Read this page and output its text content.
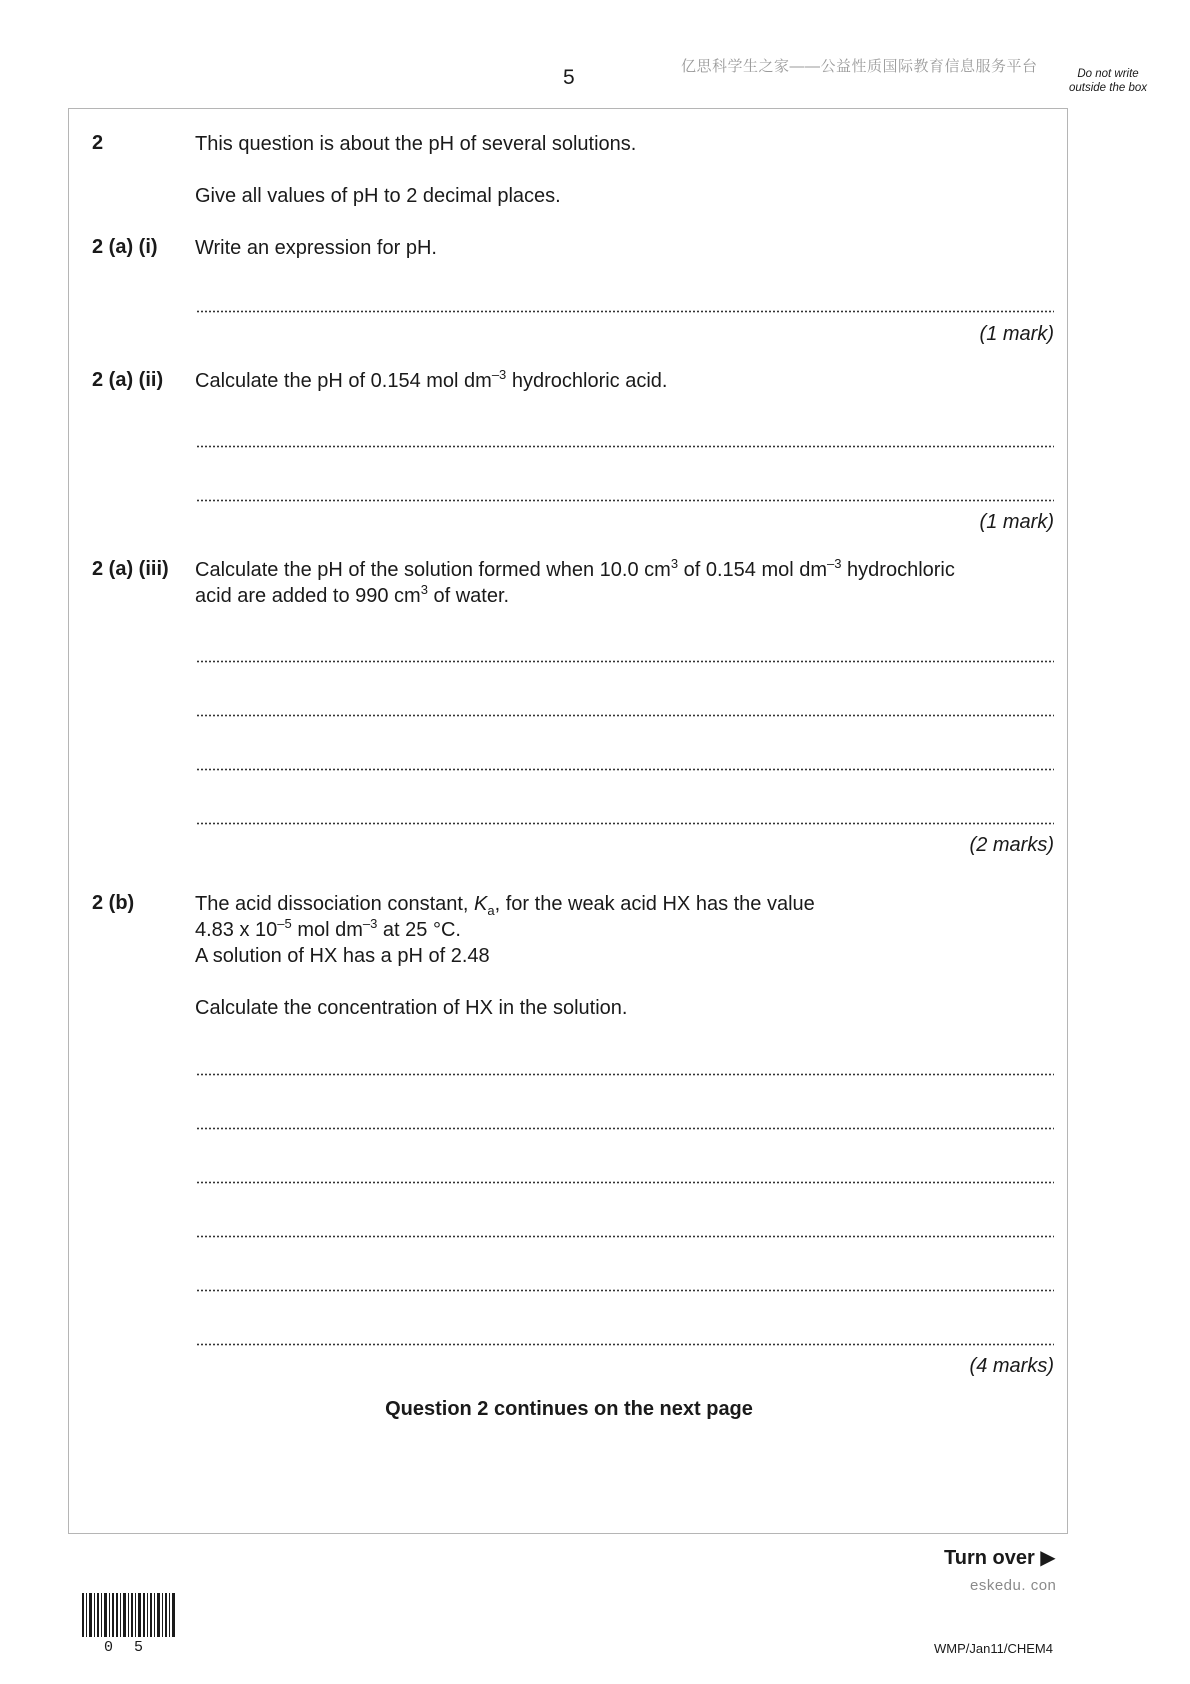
5	亿思科学生之家——公益性质国际教育信息服务平台	Do not write outside the box
2	This question is about the pH of several solutions.
Give all values of pH to 2 decimal places.
2 (a) (i) Write an expression for pH.
(1 mark)
2 (a) (ii) Calculate the pH of 0.154 mol $dm^{-3}$ hydrochloric acid.
(1 mark)
2 (a) (iii) Calculate the pH of the solution formed when 10.0 $cm^3$ of 0.154 mol $dm^{-3}$ hydrochloric
acid are added to 990 $cm^3$ of water.
(2 marks)
2 (b)	The acid dissociation constant, $K_a$, for the weak acid HX has the value
4.83 x $10^{-5}$ mol $dm^{-3}$ at 25 °C.
A solution of HX has a pH of 2.48
Calculate the concentration of HX in the solution.
(4 marks)
Question 2 continues on the next page
Turn over ▶
eskedu. con
0 5	WMP/Jan11/CHEM4
